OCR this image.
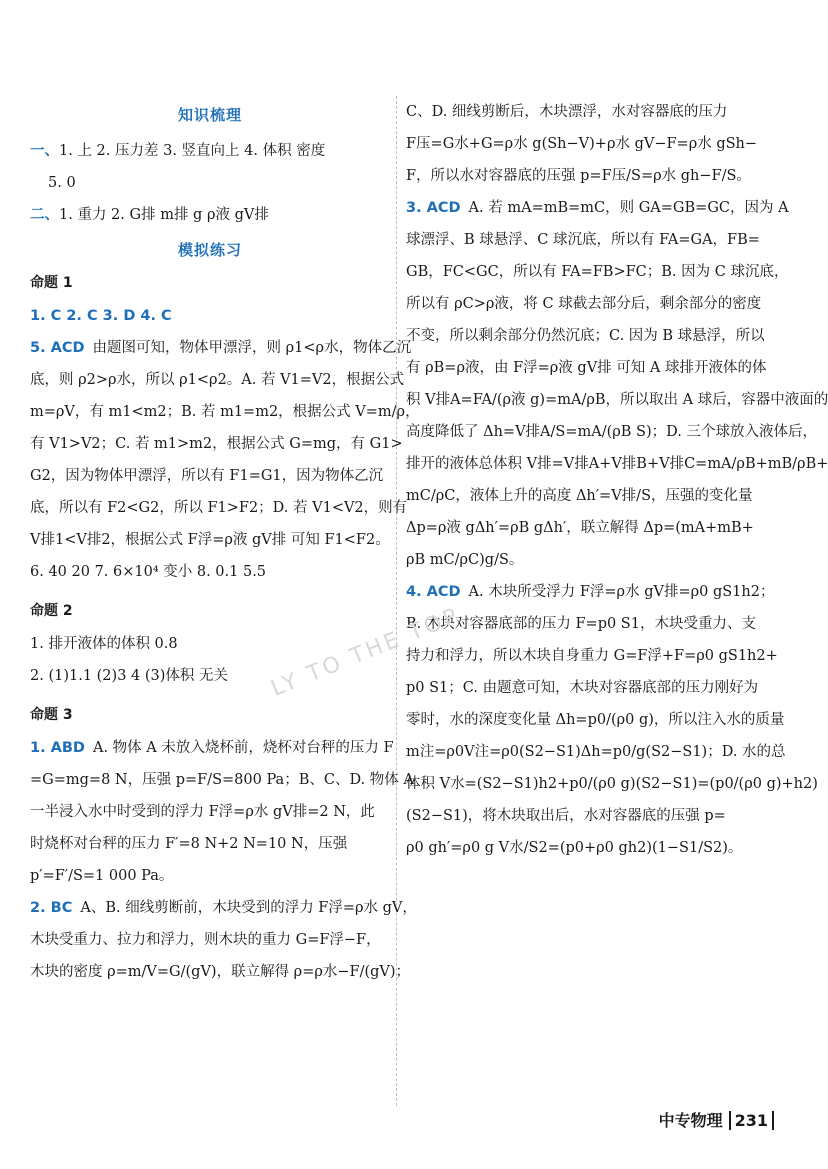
知识梳理
一、1. 上 2. 压力差 3. 竖直向上 4. 体积 密度
5. 0
二、1. 重力 2. G排 m排 g ρ液 gV排
模拟练习
命题 1
1. C 2. C 3. D 4. C
5. ACD 由题图可知，物体甲漂浮，则 ρ1<ρ水，物体乙沉
底，则 ρ2>ρ水，所以 ρ1<ρ2。A. 若 V1=V2，根据公式
m=ρV，有 m1<m2；B. 若 m1=m2，根据公式 V=m/ρ，
有 V1>V2；C. 若 m1>m2，根据公式 G=mg，有 G1>
G2，因为物体甲漂浮，所以有 F1=G1，因为物体乙沉
底，所以有 F2<G2，所以 F1>F2；D. 若 V1<V2，则有
V排1<V排2，根据公式 F浮=ρ液 gV排 可知 F1<F2。
6. 40 20 7. 6×10⁴ 变小 8. 0.1 5.5
命题 2
1. 排开液体的体积 0.8
2. (1)1.1 (2)3 4 (3)体积 无关
命题 3
1. ABD A. 物体 A 未放入烧杯前，烧杯对台秤的压力 F
=G=mg=8 N，压强 p=F/S=800 Pa；B、C、D. 物体 A
一半浸入水中时受到的浮力 F浮=ρ水 gV排=2 N，此
时烧杯对台秤的压力 F′=8 N+2 N=10 N，压强
p′=F′/S=1 000 Pa。
2. BC A、B. 细线剪断前，木块受到的浮力 F浮=ρ水 gV，
木块受重力、拉力和浮力，则木块的重力 G=F浮−F，
木块的密度 ρ=m/V=G/(gV)，联立解得 ρ=ρ水−F/(gV)；
C、D. 细线剪断后，木块漂浮，水对容器底的压力
F压=G水+G=ρ水 g(Sh−V)+ρ水 gV−F=ρ水 gSh−
F，所以水对容器底的压强 p=F压/S=ρ水 gh−F/S。
3. ACD A. 若 mA=mB=mC，则 GA=GB=GC，因为 A
球漂浮、B 球悬浮、C 球沉底，所以有 FA=GA，FB=
GB，FC<GC，所以有 FA=FB>FC；B. 因为 C 球沉底，
所以有 ρC>ρ液，将 C 球截去部分后，剩余部分的密度
不变，所以剩余部分仍然沉底；C. 因为 B 球悬浮，所以
有 ρB=ρ液，由 F浮=ρ液 gV排 可知 A 球排开液体的体
积 V排A=FA/(ρ液 g)=mA/ρB，所以取出 A 球后，容器中液面的
高度降低了 Δh=V排A/S=mA/(ρB S)；D. 三个球放入液体后，
排开的液体总体积 V排=V排A+V排B+V排C=mA/ρB+mB/ρB+
mC/ρC，液体上升的高度 Δh′=V排/S，压强的变化量
Δp=ρ液 gΔh′=ρB gΔh′，联立解得 Δp=(mA+mB+
ρB mC/ρC)g/S。
4. ACD A. 木块所受浮力 F浮=ρ水 gV排=ρ0 gS1h2；
B. 木块对容器底部的压力 F=p0 S1，木块受重力、支
持力和浮力，所以木块自身重力 G=F浮+F=ρ0 gS1h2+
p0 S1；C. 由题意可知，木块对容器底部的压力刚好为
零时，水的深度变化量 Δh=p0/(ρ0 g)，所以注入水的质量
m注=ρ0V注=ρ0(S2−S1)Δh=p0/g(S2−S1)；D. 水的总
体积 V水=(S2−S1)h2+p0/(ρ0 g)(S2−S1)=(p0/(ρ0 g)+h2)
(S2−S1)，将木块取出后，水对容器底的压强 p=
ρ0 gh′=ρ0 g V水/S2=(p0+ρ0 gh2)(1−S1/S2)。
LY TO THE TOP
中专物理 231
